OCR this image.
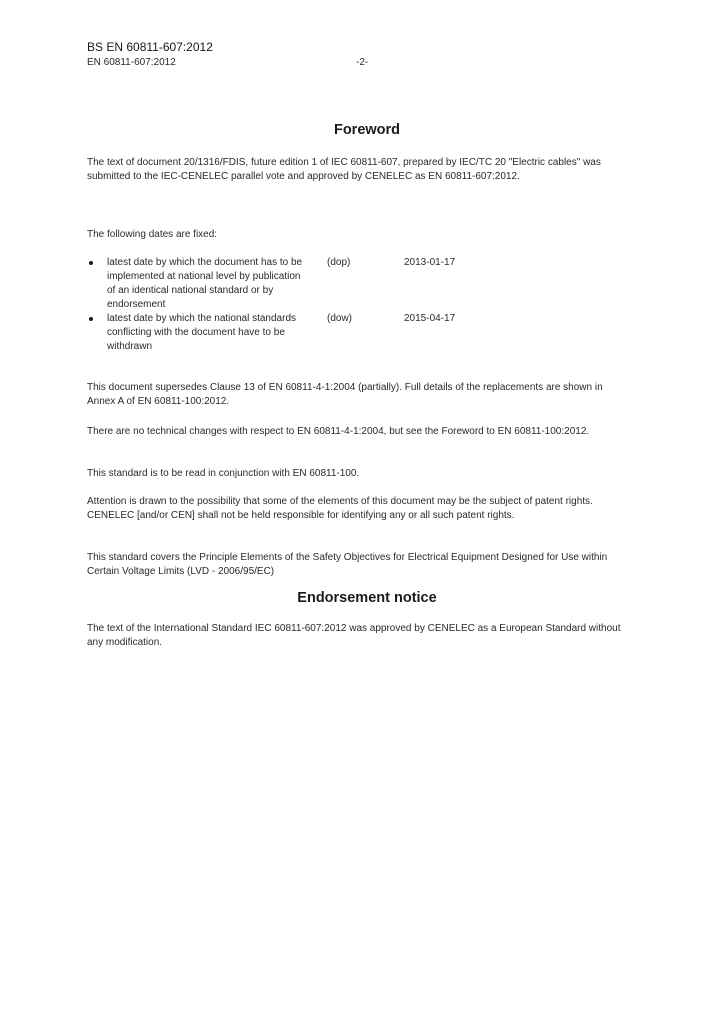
BS EN 60811-607:2012
EN 60811-607:2012	-2-
Foreword
The text of document 20/1316/FDIS, future edition 1 of IEC 60811-607, prepared by IEC/TC 20 "Electric cables" was submitted to the IEC-CENELEC parallel vote and approved by CENELEC as EN 60811-607:2012.
The following dates are fixed:
latest date by which the document has to be implemented at national level by publication of an identical national standard or by endorsement
(dop)	2013-01-17
latest date by which the national standards conflicting with the document have to be withdrawn
(dow)	2015-04-17
This document supersedes Clause 13 of EN 60811-4-1:2004 (partially). Full details of the replacements are shown in Annex A of EN 60811-100:2012.
There are no technical changes with respect to EN 60811-4-1:2004, but see the Foreword to EN 60811-100:2012.
This standard is to be read in conjunction with EN 60811-100.
Attention is drawn to the possibility that some of the elements of this document may be the subject of patent rights. CENELEC [and/or CEN] shall not be held responsible for identifying any or all such patent rights.
This standard covers the Principle Elements of the Safety Objectives for Electrical Equipment Designed for Use within Certain Voltage Limits (LVD - 2006/95/EC)
Endorsement notice
The text of the International Standard IEC 60811-607:2012 was approved by CENELEC as a European Standard without any modification.
